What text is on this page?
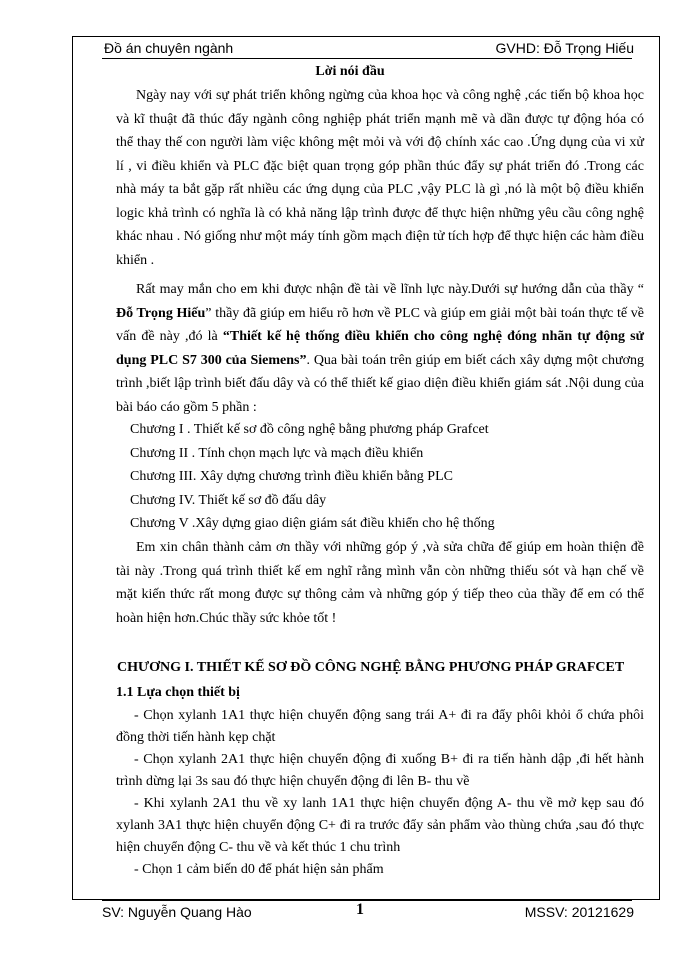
Đồ án chuyên ngành	GVHD: Đỗ Trọng Hiếu
Lời nói đầu

Ngày nay với sự phát triển không ngừng của khoa học và công nghệ ,các tiến bộ khoa học và kĩ thuật đã thúc đẩy ngành công nghiệp phát triển mạnh mẽ và dần được tự động hóa có thể thay thế con người làm việc không mệt mỏi và với độ chính xác cao .Ứng dụng của vi xử lí , vi điều khiển và PLC đặc biệt quan trọng góp phần thúc đẩy sự phát triển đó .Trong các nhà máy ta bắt gặp rất nhiều các ứng dụng của PLC ,vậy PLC là gì ,nó là một bộ điều khiển logic khả trình có nghĩa là có khả năng lập trình được để thực hiện những yêu cầu công nghệ khác nhau . Nó giống như một máy tính gồm mạch điện tử tích hợp để thực hiện các hàm điều khiển .

Rất may mắn cho em khi được nhận đề tài về lĩnh lực này.Dưới sự hướng dẫn của thầy “ Đỗ Trọng Hiếu” thầy đã giúp em hiểu rõ hơn về PLC và giúp em giải một bài toán thực tế về vấn đề này ,đó là “Thiết kế hệ thống điều khiển cho công nghệ đóng nhãn tự động sử dụng PLC S7 300 của Siemens”. Qua bài toán trên giúp em biết cách xây dựng một chương trình ,biết lập trình biết đấu dây và có thể thiết kế giao diện điều khiển giám sát .Nội dung của bài báo cáo gồm 5 phần :

Chương I . Thiết kế sơ đồ công nghệ bằng phương pháp Grafcet
Chương II . Tính chọn mạch lực và mạch điều khiển
Chương III. Xây dựng chương trình điều khiển bằng PLC
Chương IV. Thiết kế sơ đồ đấu dây
Chương V .Xây dựng giao diện giám sát điều khiển cho hệ thống

Em xin chân thành cảm ơn thầy với những góp ý ,và sửa chữa để giúp em hoàn thiện đề tài này .Trong quá trình thiết kế em nghĩ rằng mình vẫn còn những thiếu sót và hạn chế về mặt kiến thức rất mong được sự thông cảm và những góp ý tiếp theo của thầy để em có thể hoàn hiện hơn.Chúc thầy sức khỏe tốt !

CHƯƠNG I. THIẾT KẾ SƠ ĐỒ CÔNG NGHỆ BẰNG PHƯƠNG PHÁP GRAFCET
1.1 Lựa chọn thiết bị

- Chọn xylanh 1A1 thực hiện chuyển động sang trái A+ đi ra đẩy phôi khỏi ổ chứa phôi đồng thời tiến hành kẹp chặt

- Chọn xylanh 2A1 thực hiện chuyển động đi xuống B+ đi ra tiến hành dập ,đi hết hành trình dừng lại 3s sau đó thực hiện chuyển động đi lên B- thu về

- Khi xylanh 2A1 thu về xy lanh 1A1 thực hiện chuyển động A- thu về mở kẹp sau đó xylanh 3A1 thực hiện chuyển động C+ đi ra trước đẩy sản phẩm vào thùng chứa ,sau đó thực hiện chuyển động C- thu về và kết thúc 1 chu trình

- Chọn 1 cảm biến d0 để phát hiện sản phẩm

SV: Nguyễn Quang Hào	1	MSSV: 20121629
